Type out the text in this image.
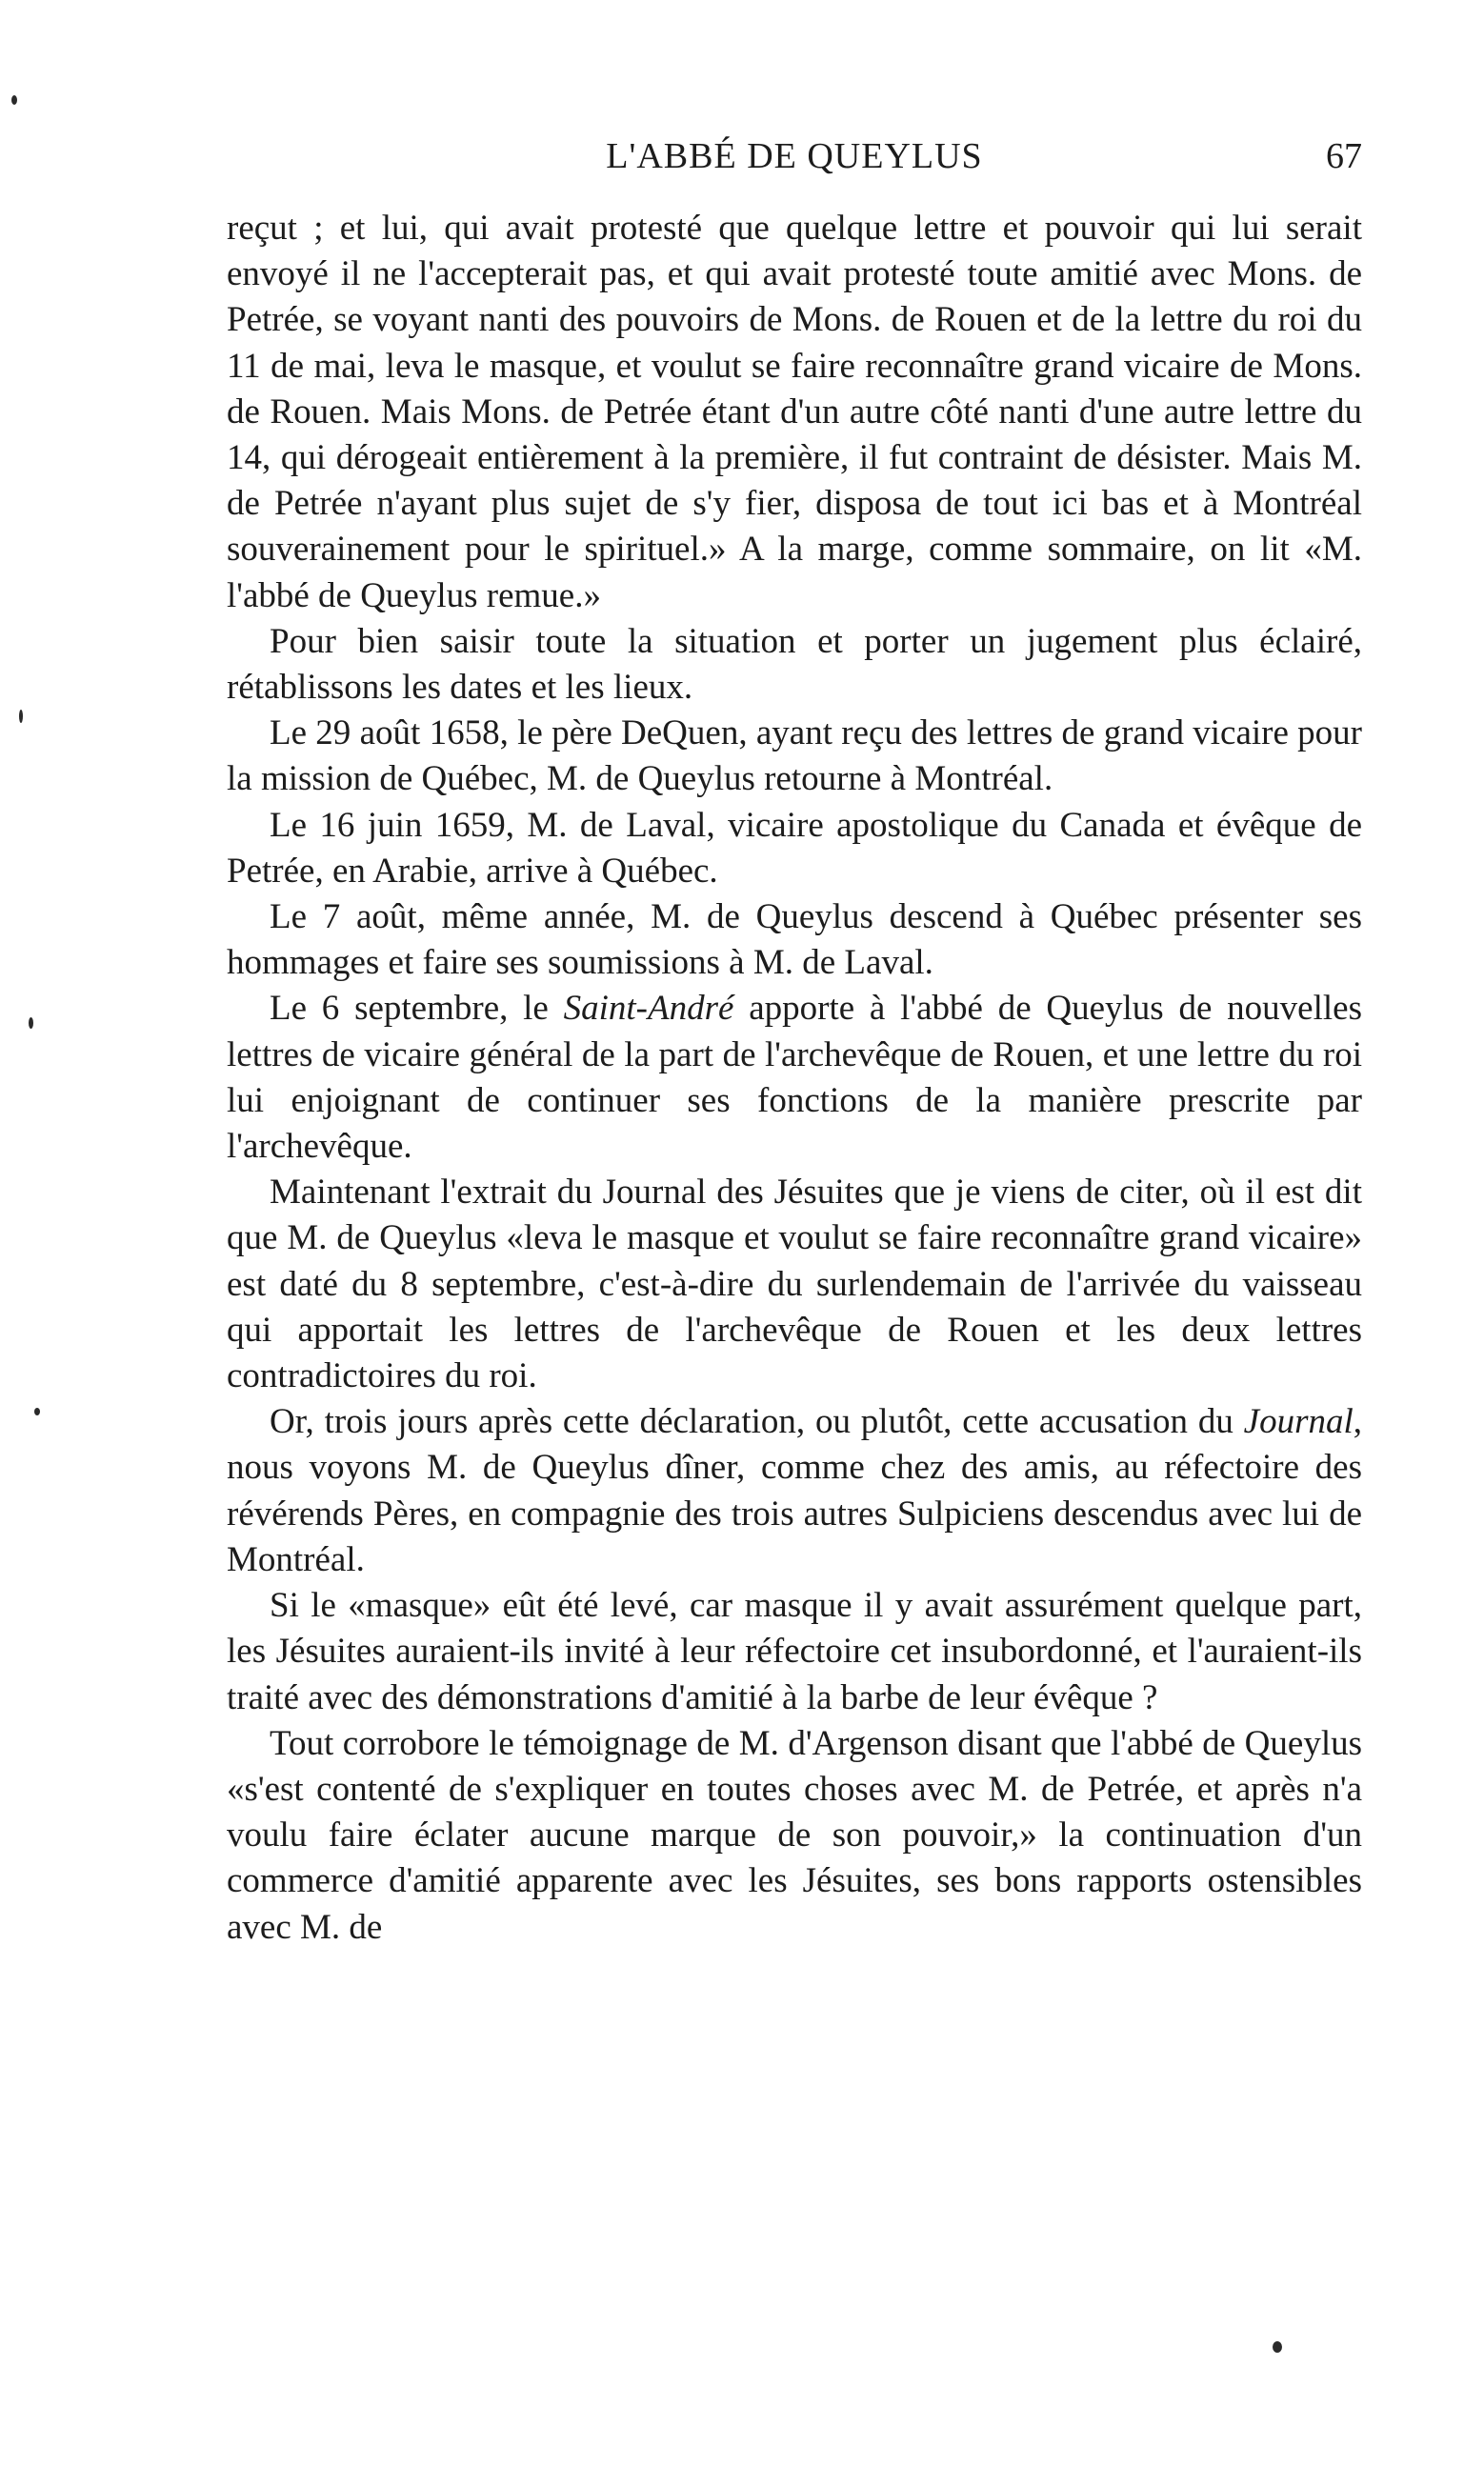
L'ABBÉ DE QUEYLUS	67

reçut ; et lui, qui avait protesté que quelque lettre et pouvoir qui lui serait envoyé il ne l'accepterait pas, et qui avait protesté toute amitié avec Mons. de Petrée, se voyant nanti des pouvoirs de Mons. de Rouen et de la lettre du roi du 11 de mai, leva le masque, et voulut se faire reconnaître grand vicaire de Mons. de Rouen. Mais Mons. de Petrée étant d'un autre côté nanti d'une autre lettre du 14, qui dérogeait entièrement à la première, il fut contraint de désister. Mais M. de Petrée n'ayant plus sujet de s'y fier, disposa de tout ici bas et à Montréal souverainement pour le spirituel.» A la marge, comme sommaire, on lit «M. l'abbé de Queylus remue.»

Pour bien saisir toute la situation et porter un jugement plus éclairé, rétablissons les dates et les lieux.

Le 29 août 1658, le père DeQuen, ayant reçu des lettres de grand vicaire pour la mission de Québec, M. de Queylus retourne à Montréal.

Le 16 juin 1659, M. de Laval, vicaire apostolique du Canada et évêque de Petrée, en Arabie, arrive à Québec.

Le 7 août, même année, M. de Queylus descend à Québec présenter ses hommages et faire ses soumissions à M. de Laval.

Le 6 septembre, le Saint-André apporte à l'abbé de Queylus de nouvelles lettres de vicaire général de la part de l'archevêque de Rouen, et une lettre du roi lui enjoignant de continuer ses fonctions de la manière prescrite par l'archevêque.

Maintenant l'extrait du Journal des Jésuites que je viens de citer, où il est dit que M. de Queylus «leva le masque et voulut se faire reconnaître grand vicaire» est daté du 8 septembre, c'est-à-dire du surlendemain de l'arrivée du vaisseau qui apportait les lettres de l'archevêque de Rouen et les deux lettres contradictoires du roi.

Or, trois jours après cette déclaration, ou plutôt, cette accusation du Journal, nous voyons M. de Queylus dîner, comme chez des amis, au réfectoire des révérends Pères, en compagnie des trois autres Sulpiciens descendus avec lui de Montréal.

Si le «masque» eût été levé, car masque il y avait assurément quelque part, les Jésuites auraient-ils invité à leur réfectoire cet insubordonné, et l'auraient-ils traité avec des démonstrations d'amitié à la barbe de leur évêque ?

Tout corrobore le témoignage de M. d'Argenson disant que l'abbé de Queylus «s'est contenté de s'expliquer en toutes choses avec M. de Petrée, et après n'a voulu faire éclater aucune marque de son pouvoir,» la continuation d'un commerce d'amitié apparente avec les Jésuites, ses bons rapports ostensibles avec M. de
